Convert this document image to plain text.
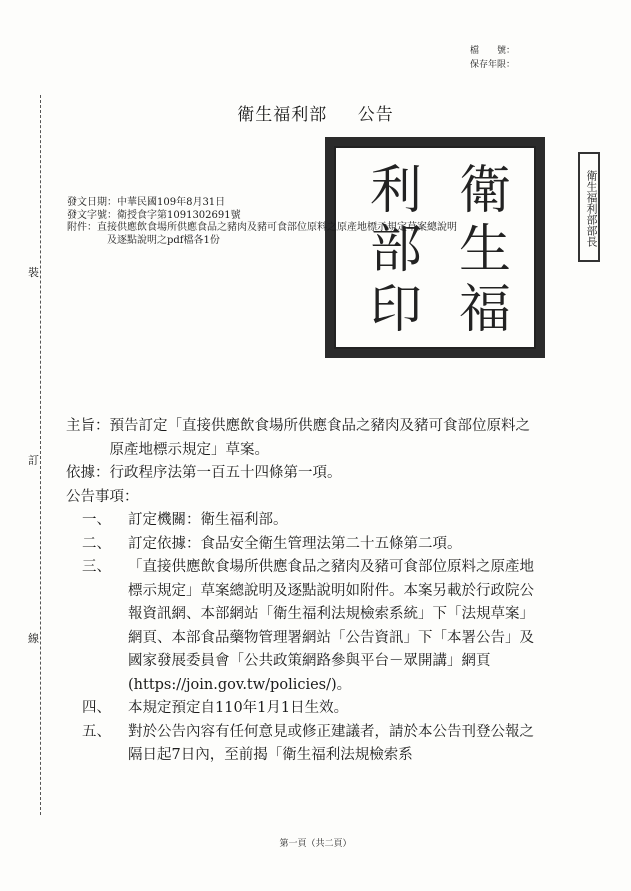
檔　　號：
保存年限：
衛生福利部 公告
裝
訂
線
衛
生
福
利
部
印
衛生福利部部長
發文日期：中華民國109年8月31日
發文字號：衛授食字第1091302691號
附件：直接供應飲食場所供應食品之豬肉及豬可食部位原料之原產地標示規定草案總說明
及逐點說明之pdf檔各1份
主旨： 預告訂定「直接供應飲食場所供應食品之豬肉及豬可食部位原料之原產地標示規定」草案。
依據： 行政程序法第一百五十四條第一項。
公告事項：
一、	訂定機關：衛生福利部。
二、	訂定依據：食品安全衛生管理法第二十五條第二項。
三、	「直接供應飲食場所供應食品之豬肉及豬可食部位原料之原產地標示規定」草案總說明及逐點說明如附件。本案另載於行政院公報資訊網、本部網站「衛生福利法規檢索系統」下「法規草案」網頁、本部食品藥物管理署網站「公告資訊」下「本署公告」及國家發展委員會「公共政策網路參與平台－眾開講」網頁(https://join.gov.tw/policies/)。
四、	本規定預定自110年1月1日生效。
五、	對於公告內容有任何意見或修正建議者，請於本公告刊登公報之隔日起7日內，至前揭「衛生福利法規檢索系
第一頁（共二頁）
